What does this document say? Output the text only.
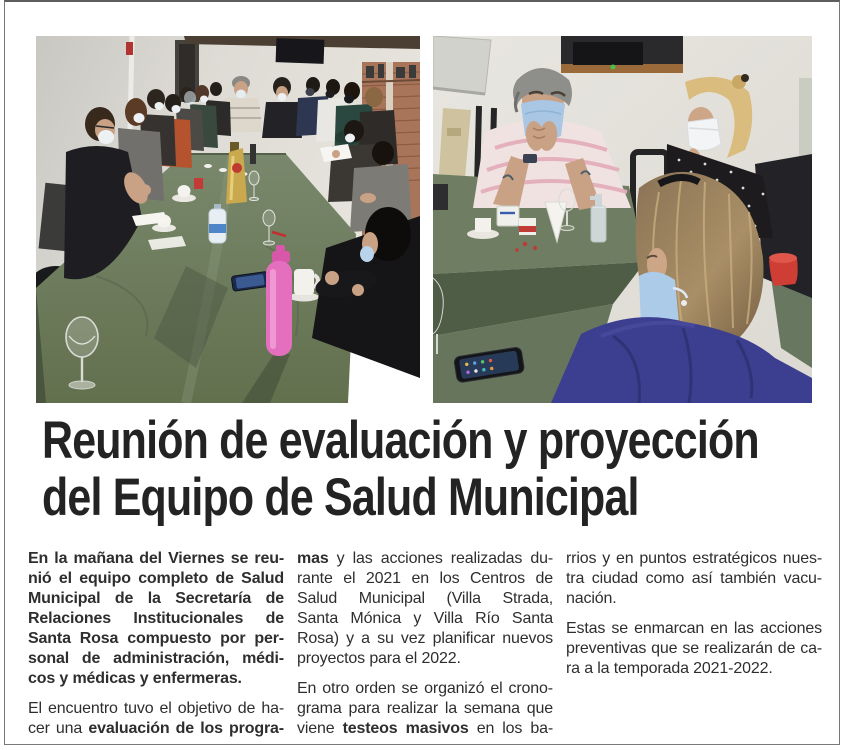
Reunión de evaluación y proyección
del Equipo de Salud Municipal
En la mañana del Viernes se reu-
nió el equipo completo de Salud
Municipal de la Secretaría de
Relaciones Institucionales de
Santa Rosa compuesto por per-
sonal de administración, médi-
cos y médicas y enfermeras.
El encuentro tuvo el objetivo de ha-
cer una evaluación de los progra-
mas y las acciones realizadas du-
rante el 2021 en los Centros de
Salud Municipal (Villa Strada,
Santa Mónica y Villa Río Santa
Rosa) y a su vez planificar nuevos
proyectos para el 2022.
En otro orden se organizó el crono-
grama para realizar la semana que
viene testeos masivos en los ba-
rrios y en puntos estratégicos nues-
tra ciudad como así también vacu-
nación.
Estas se enmarcan en las acciones
preventivas que se realizarán de ca-
ra a la temporada 2021-2022.
